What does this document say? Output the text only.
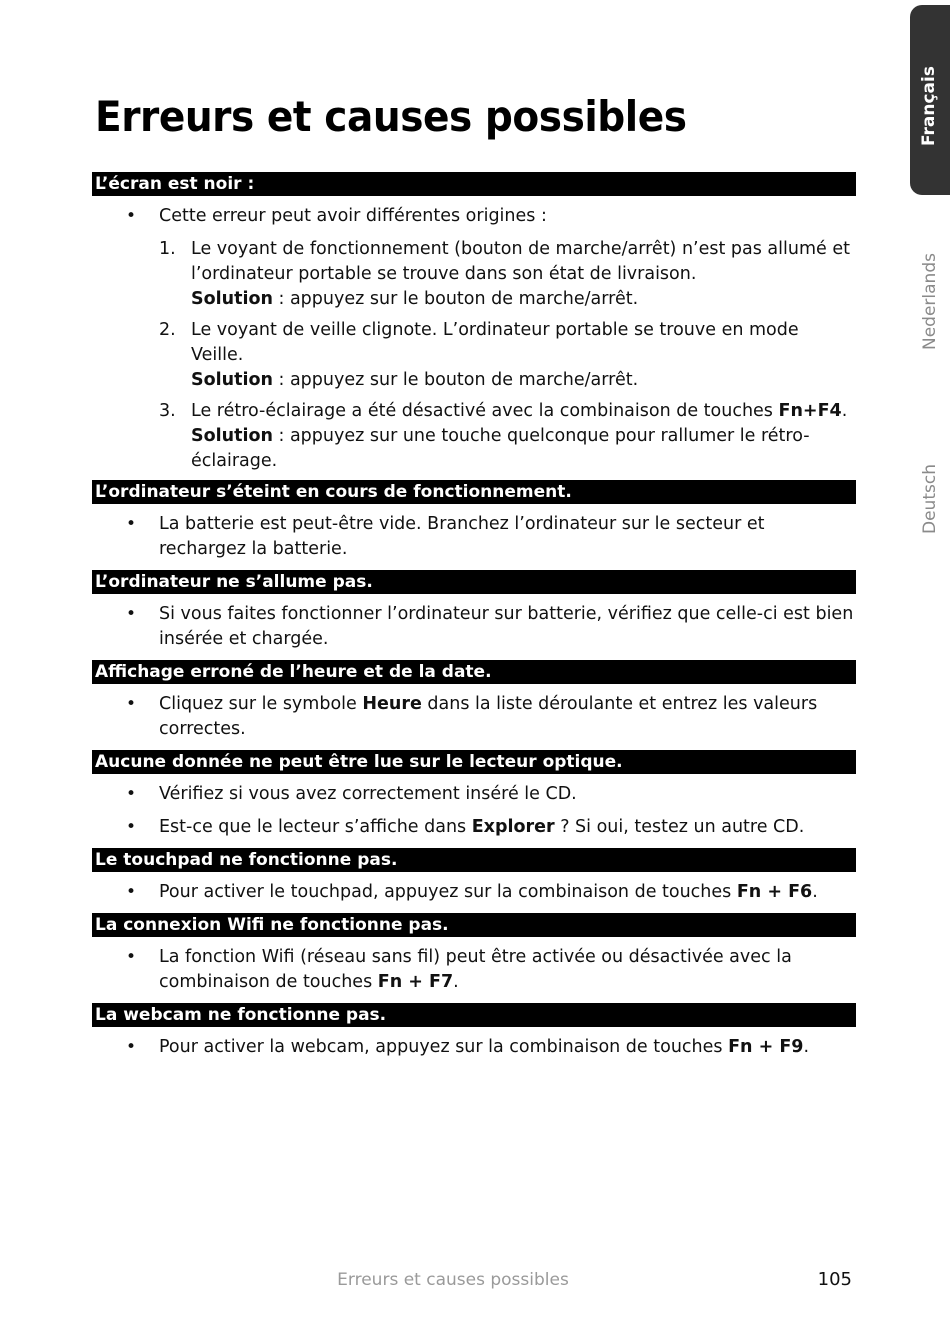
Erreurs et causes possibles	Français
Nederlands
Deutsch
L’écran est noir :
• Cette erreur peut avoir différentes origines :
1. Le voyant de fonctionnement (bouton de marche/arrêt) n’est pas allumé et l’ordinateur portable se trouve dans son état de livraison.
Solution : appuyez sur le bouton de marche/arrêt.
2. Le voyant de veille clignote. L’ordinateur portable se trouve en mode Veille.
Solution : appuyez sur le bouton de marche/arrêt.
3. Le rétro-éclairage a été désactivé avec la combinaison de touches Fn+F4.
Solution : appuyez sur une touche quelconque pour rallumer le rétro-éclairage.
L’ordinateur s’éteint en cours de fonctionnement.
• La batterie est peut-être vide. Branchez l’ordinateur sur le secteur et rechargez la batterie.
L’ordinateur ne s’allume pas.
• Si vous faites fonctionner l’ordinateur sur batterie, vérifiez que celle-ci est bien insérée et chargée.
Affichage erroné de l’heure et de la date.
• Cliquez sur le symbole Heure dans la liste déroulante et entrez les valeurs correctes.
Aucune donnée ne peut être lue sur le lecteur optique.
• Vérifiez si vous avez correctement inséré le CD.
• Est-ce que le lecteur s’affiche dans Explorer ? Si oui, testez un autre CD.
Le touchpad ne fonctionne pas.
• Pour activer le touchpad, appuyez sur la combinaison de touches Fn + F6.
La connexion Wifi ne fonctionne pas.
• La fonction Wifi (réseau sans fil) peut être activée ou désactivée avec la combinaison de touches Fn + F7.
La webcam ne fonctionne pas.
• Pour activer la webcam, appuyez sur la combinaison de touches Fn + F9.
Erreurs et causes possibles	105
